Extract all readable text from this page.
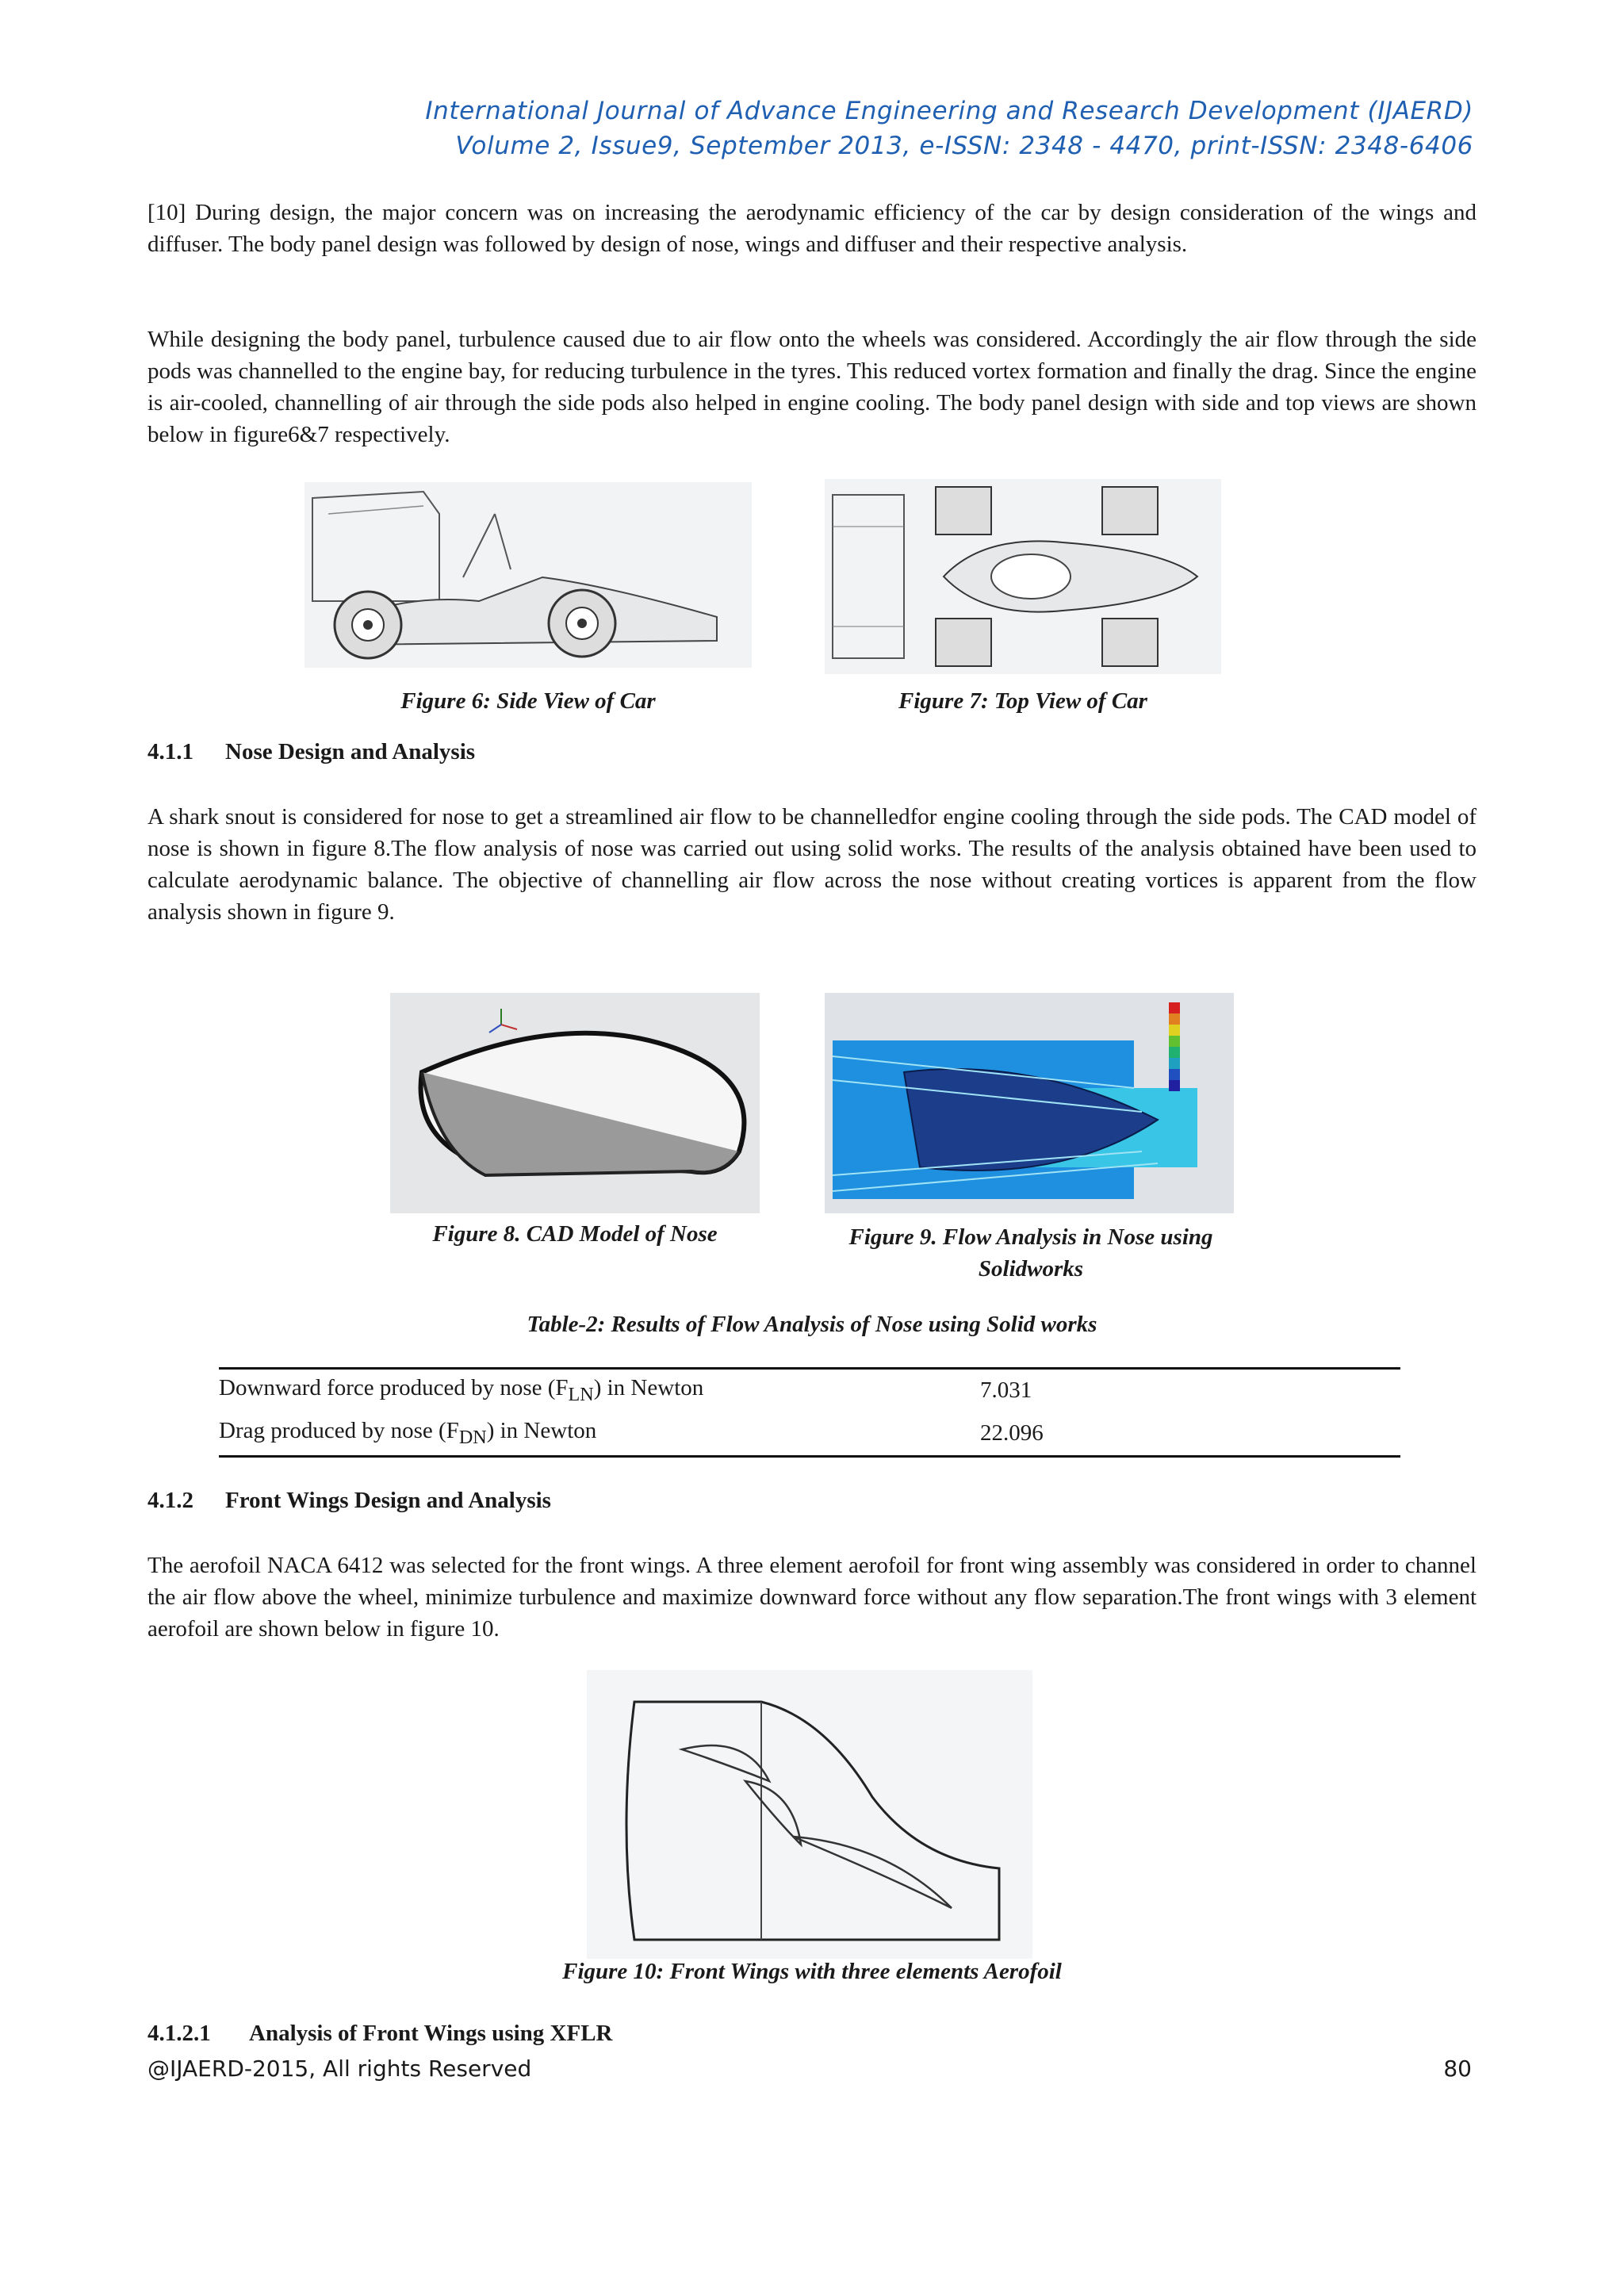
International Journal of Advance Engineering and Research Development (IJAERD)
Volume 2, Issue9, September 2013, e-ISSN: 2348 - 4470, print-ISSN: 2348-6406

[10] During design, the major concern was on increasing the aerodynamic efficiency of the car by design consideration of the wings and diffuser. The body panel design was followed by design of nose, wings and diffuser and their respective analysis.

While designing the body panel, turbulence caused due to air flow onto the wheels was considered. Accordingly the air flow through the side pods was channelled to the engine bay, for reducing turbulence in the tyres. This reduced vortex formation and finally the drag. Since the engine is air-cooled, channelling of air through the side pods also helped in engine cooling. The body panel design with side and top views are shown below in figure6&7 respectively.

Figure 6: Side View of Car	Figure 7: Top View of Car
4.1.1 Nose Design and Analysis

A shark snout is considered for nose to get a streamlined air flow to be channelledfor engine cooling through the side pods. The CAD model of nose is shown in figure 8.The flow analysis of nose was carried out using solid works. The results of the analysis obtained have been used to calculate aerodynamic balance. The objective of channelling air flow across the nose without creating vortices is apparent from the flow analysis shown in figure 9.

Figure 8. CAD Model of Nose	Figure 9. Flow Analysis in Nose using Solidworks
Table-2: Results of Flow Analysis of Nose using Solid works
Downward force produced by nose $(F_{LN})$ in Newton	7.031
Drag produced by nose $(F_{DN})$ in Newton	22.096
4.1.2 Front Wings Design and Analysis

The aerofoil NACA 6412 was selected for the front wings. A three element aerofoil for front wing assembly was considered in order to channel the air flow above the wheel, minimize turbulence and maximize downward force without any flow separation.The front wings with 3 element aerofoil are shown below in figure 10.

Figure 10: Front Wings with three elements Aerofoil
4.1.2.1 Analysis of Front Wings using XFLR
@IJAERD-2015, All rights Reserved	80
